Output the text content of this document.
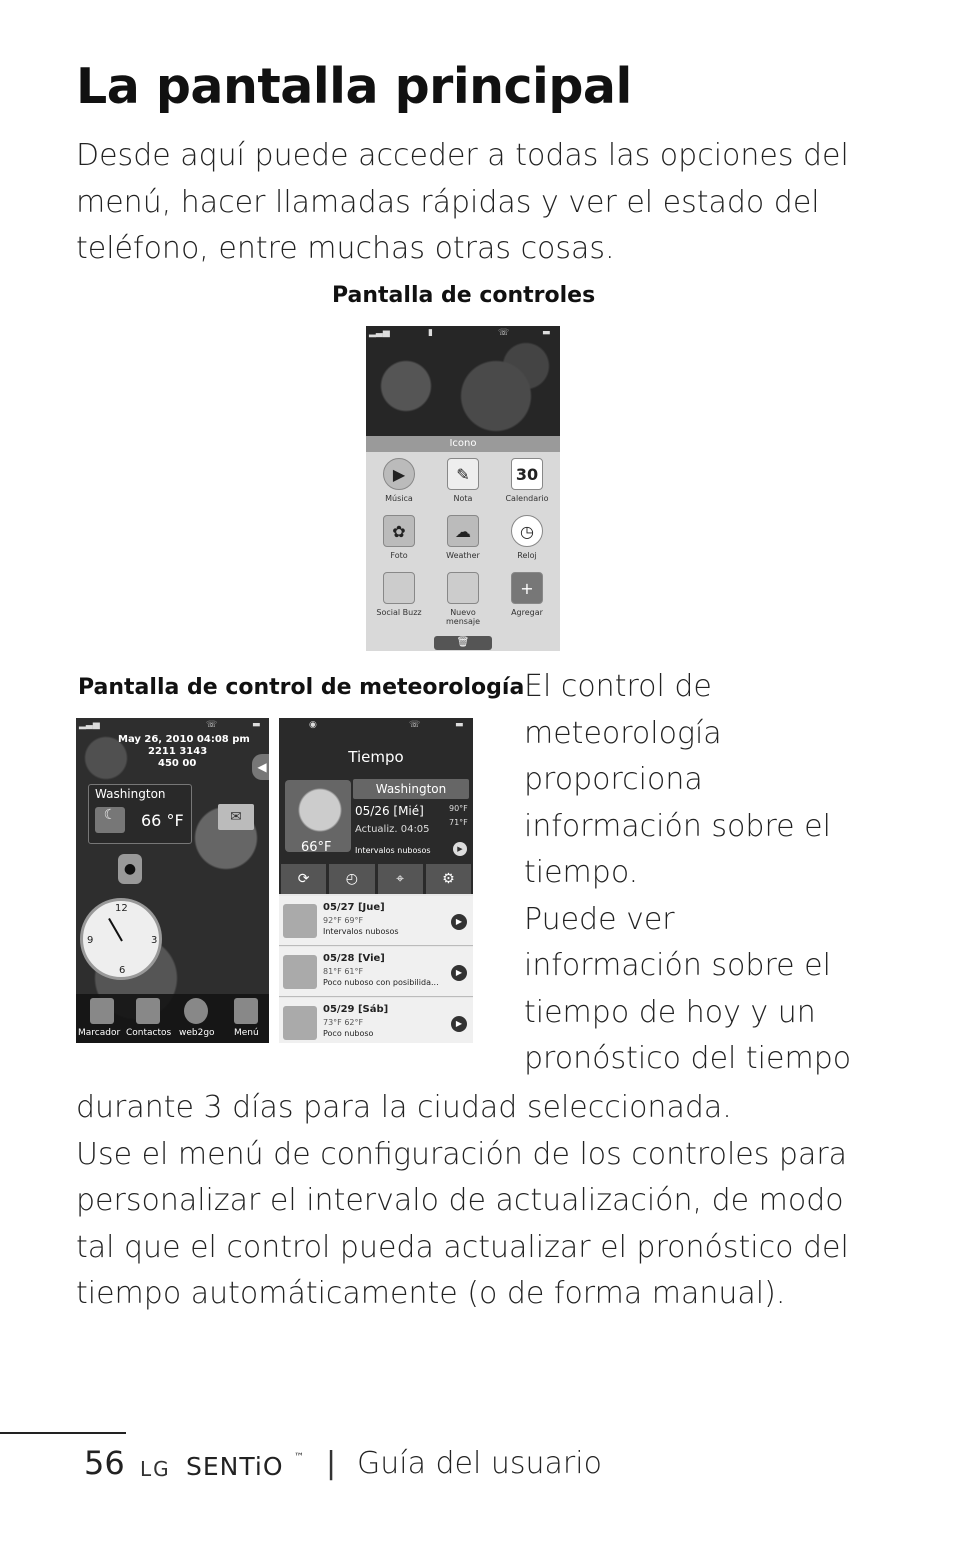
La pantalla principal
Desde aquí puede acceder a todas las opciones del
menú, hacer llamadas rápidas y ver el estado del
teléfono, entre muchas otras cosas.
Pantalla de controles
▂▃▅	▮	☏	▬
Icono
▶
Música
✎
Nota
30
Calendario
✿
Foto
☁
Weather
◷
Reloj
Social Buzz	Nuevo mensaje
+
Agregar
🗑
Pantalla de control de meteorología
▂▃▅	☏	▬
May 26, 2010 04:08 pm
2211 3143
450 00
Washington
☾	66 °F
◀
✉
●
12
9	3
6
Marcador Contactos web2go Menú
◉	☏	▬
Tiempo
Washington
66°F
05/26 [Mié]
Actualiz. 04:05
90°F
71°F
Intervalos nubosos	▶
⟳	◴	⌖	⚙
05/27 [Jue]
92°F 69°F
Intervalos nubosos
▶
05/28 [Vie]
81°F 61°F
Poco nuboso con posibilida...
▶
05/29 [Sáb]
73°F 62°F
Poco nuboso
▶
El control de
meteorología
proporciona
información sobre el
tiempo.
Puede ver
información sobre el
tiempo de hoy y un
pronóstico del tiempo
durante 3 días para la ciudad seleccionada.
Use el menú de configuración de los controles para
personalizar el intervalo de actualización, de modo
tal que el control pueda actualizar el pronóstico del
tiempo automáticamente (o de forma manual).
56 LG SENTiO ™ | Guía del usuario
